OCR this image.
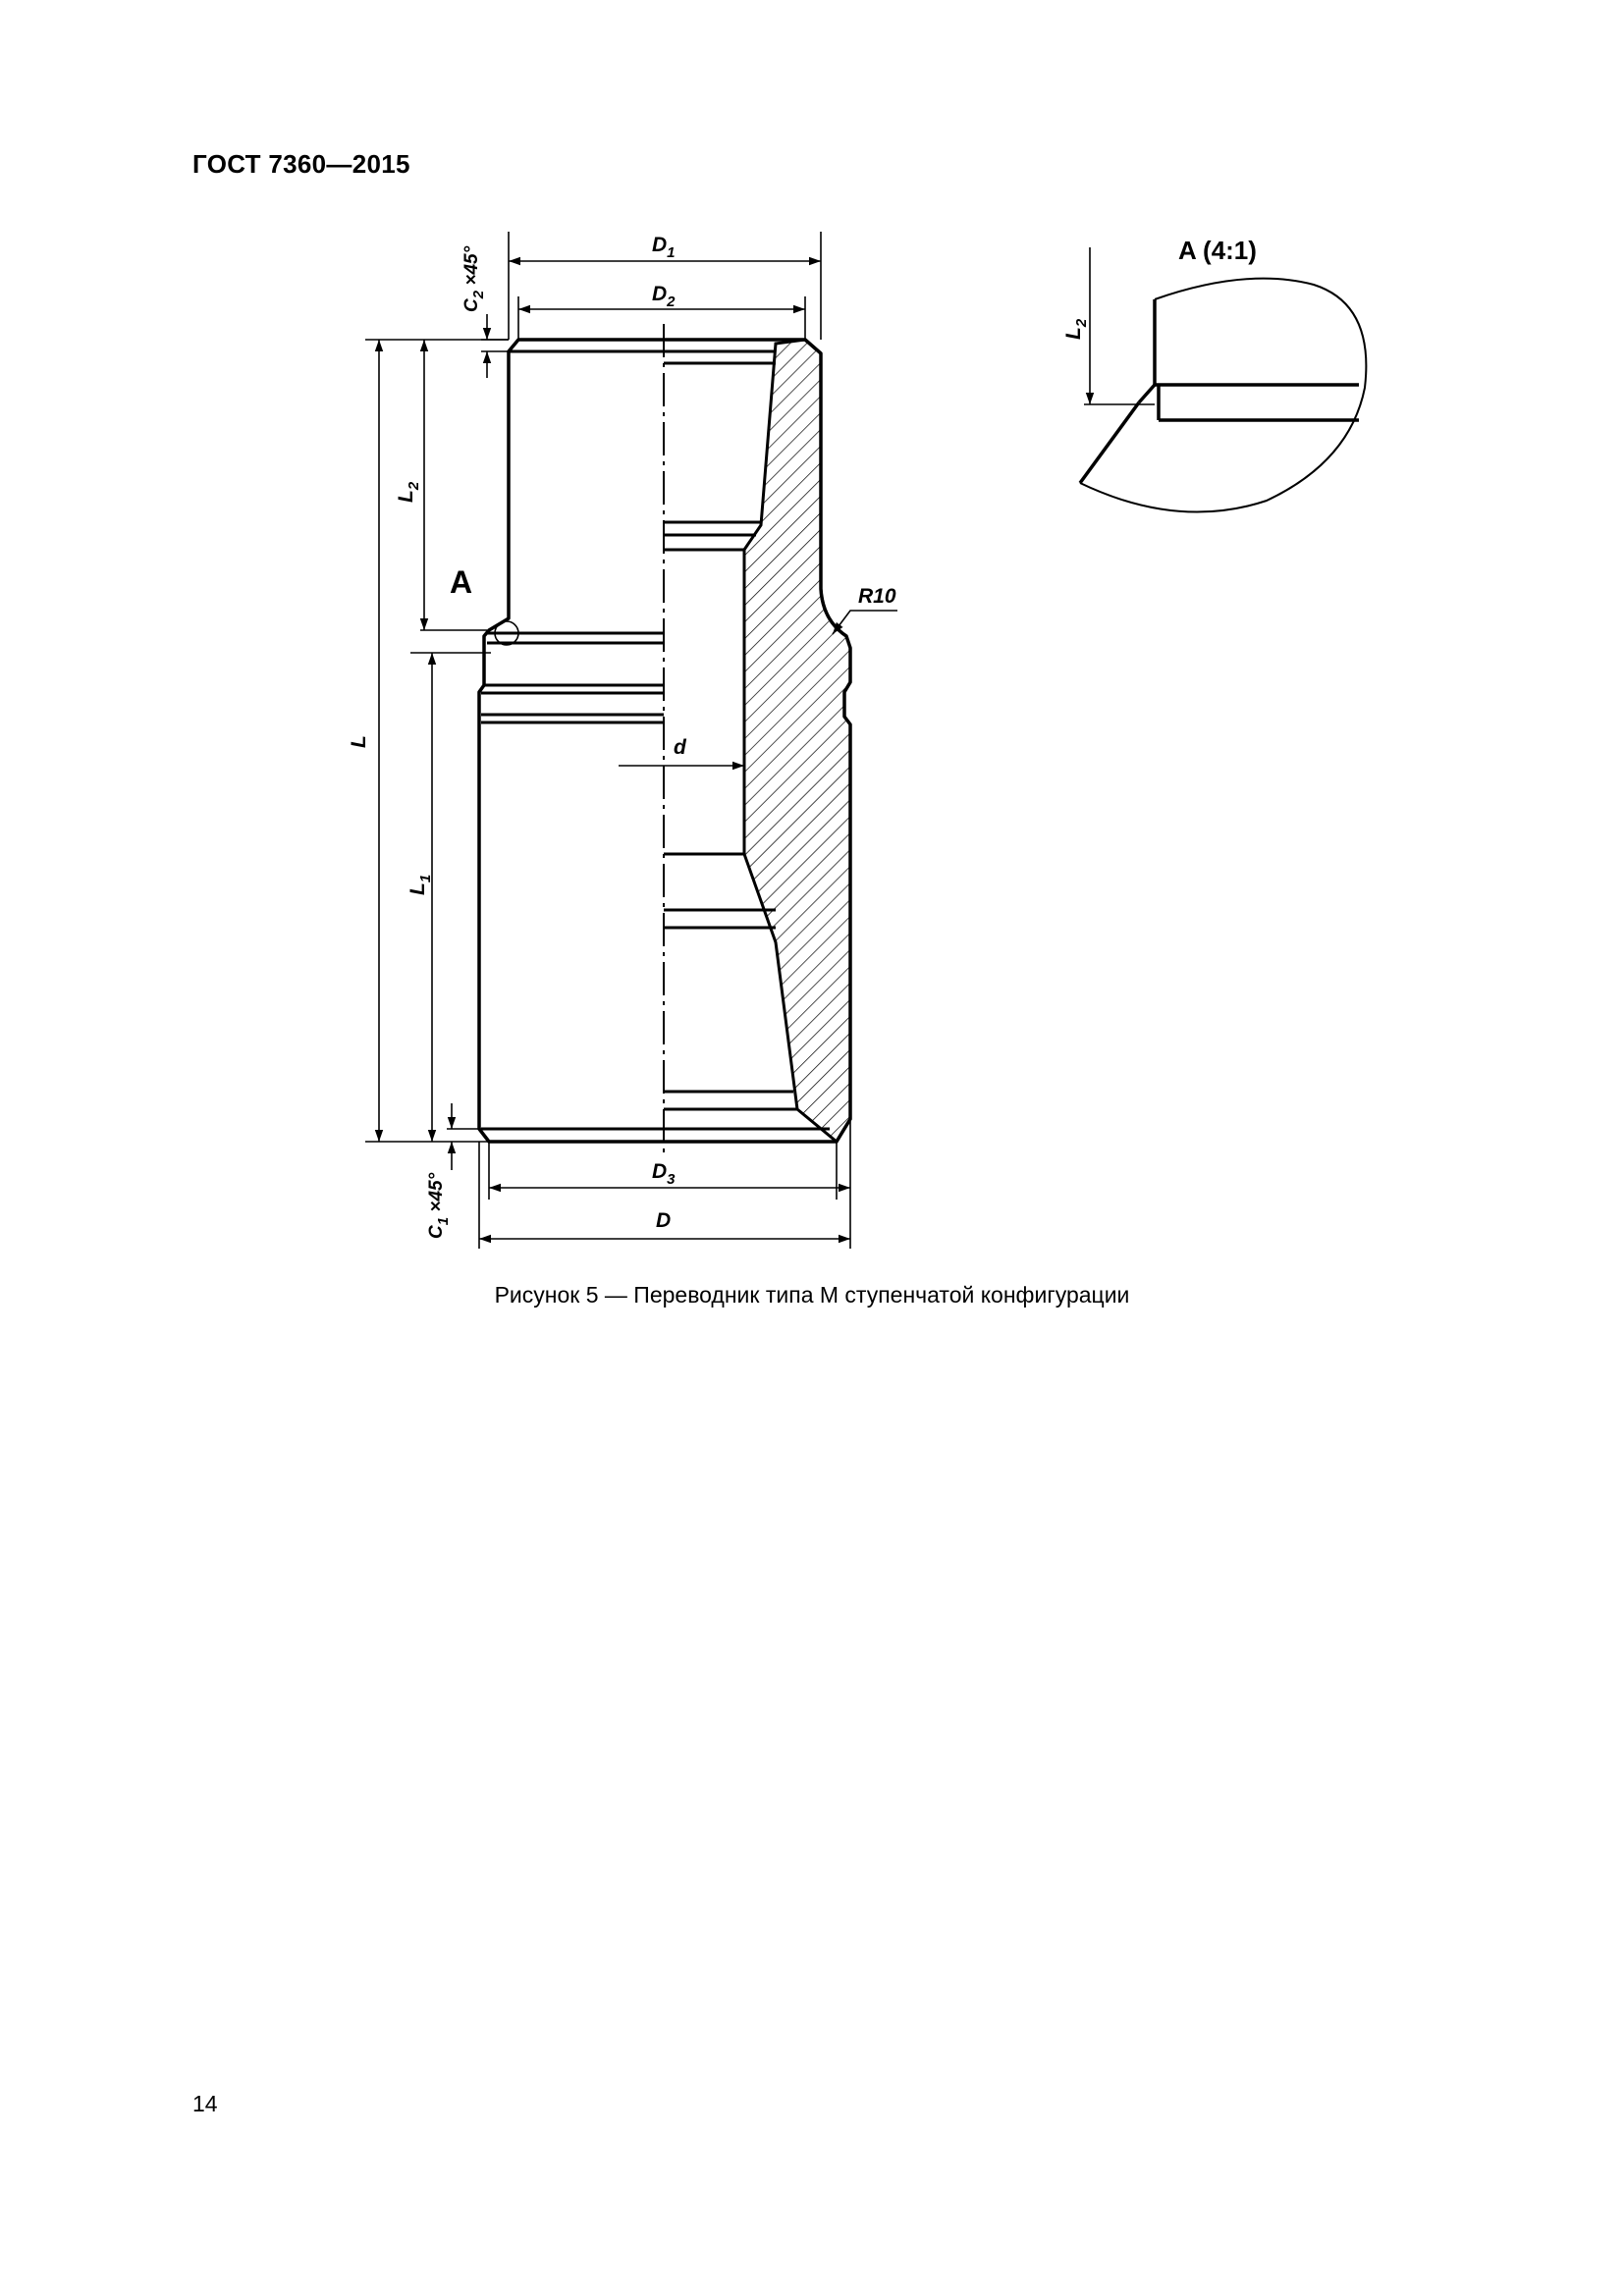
ГОСТ 7360—2015
$D_1$
$D_2$
$D_3$
D
d
R10
L
$L_2$
$L_1$
$C_2 \times 45^\circ$
$C_1 \times 45^\circ$
A
A (4:1)
$L_2$
Рисунок 5 — Переводник типа М ступенчатой конфигурации
14
